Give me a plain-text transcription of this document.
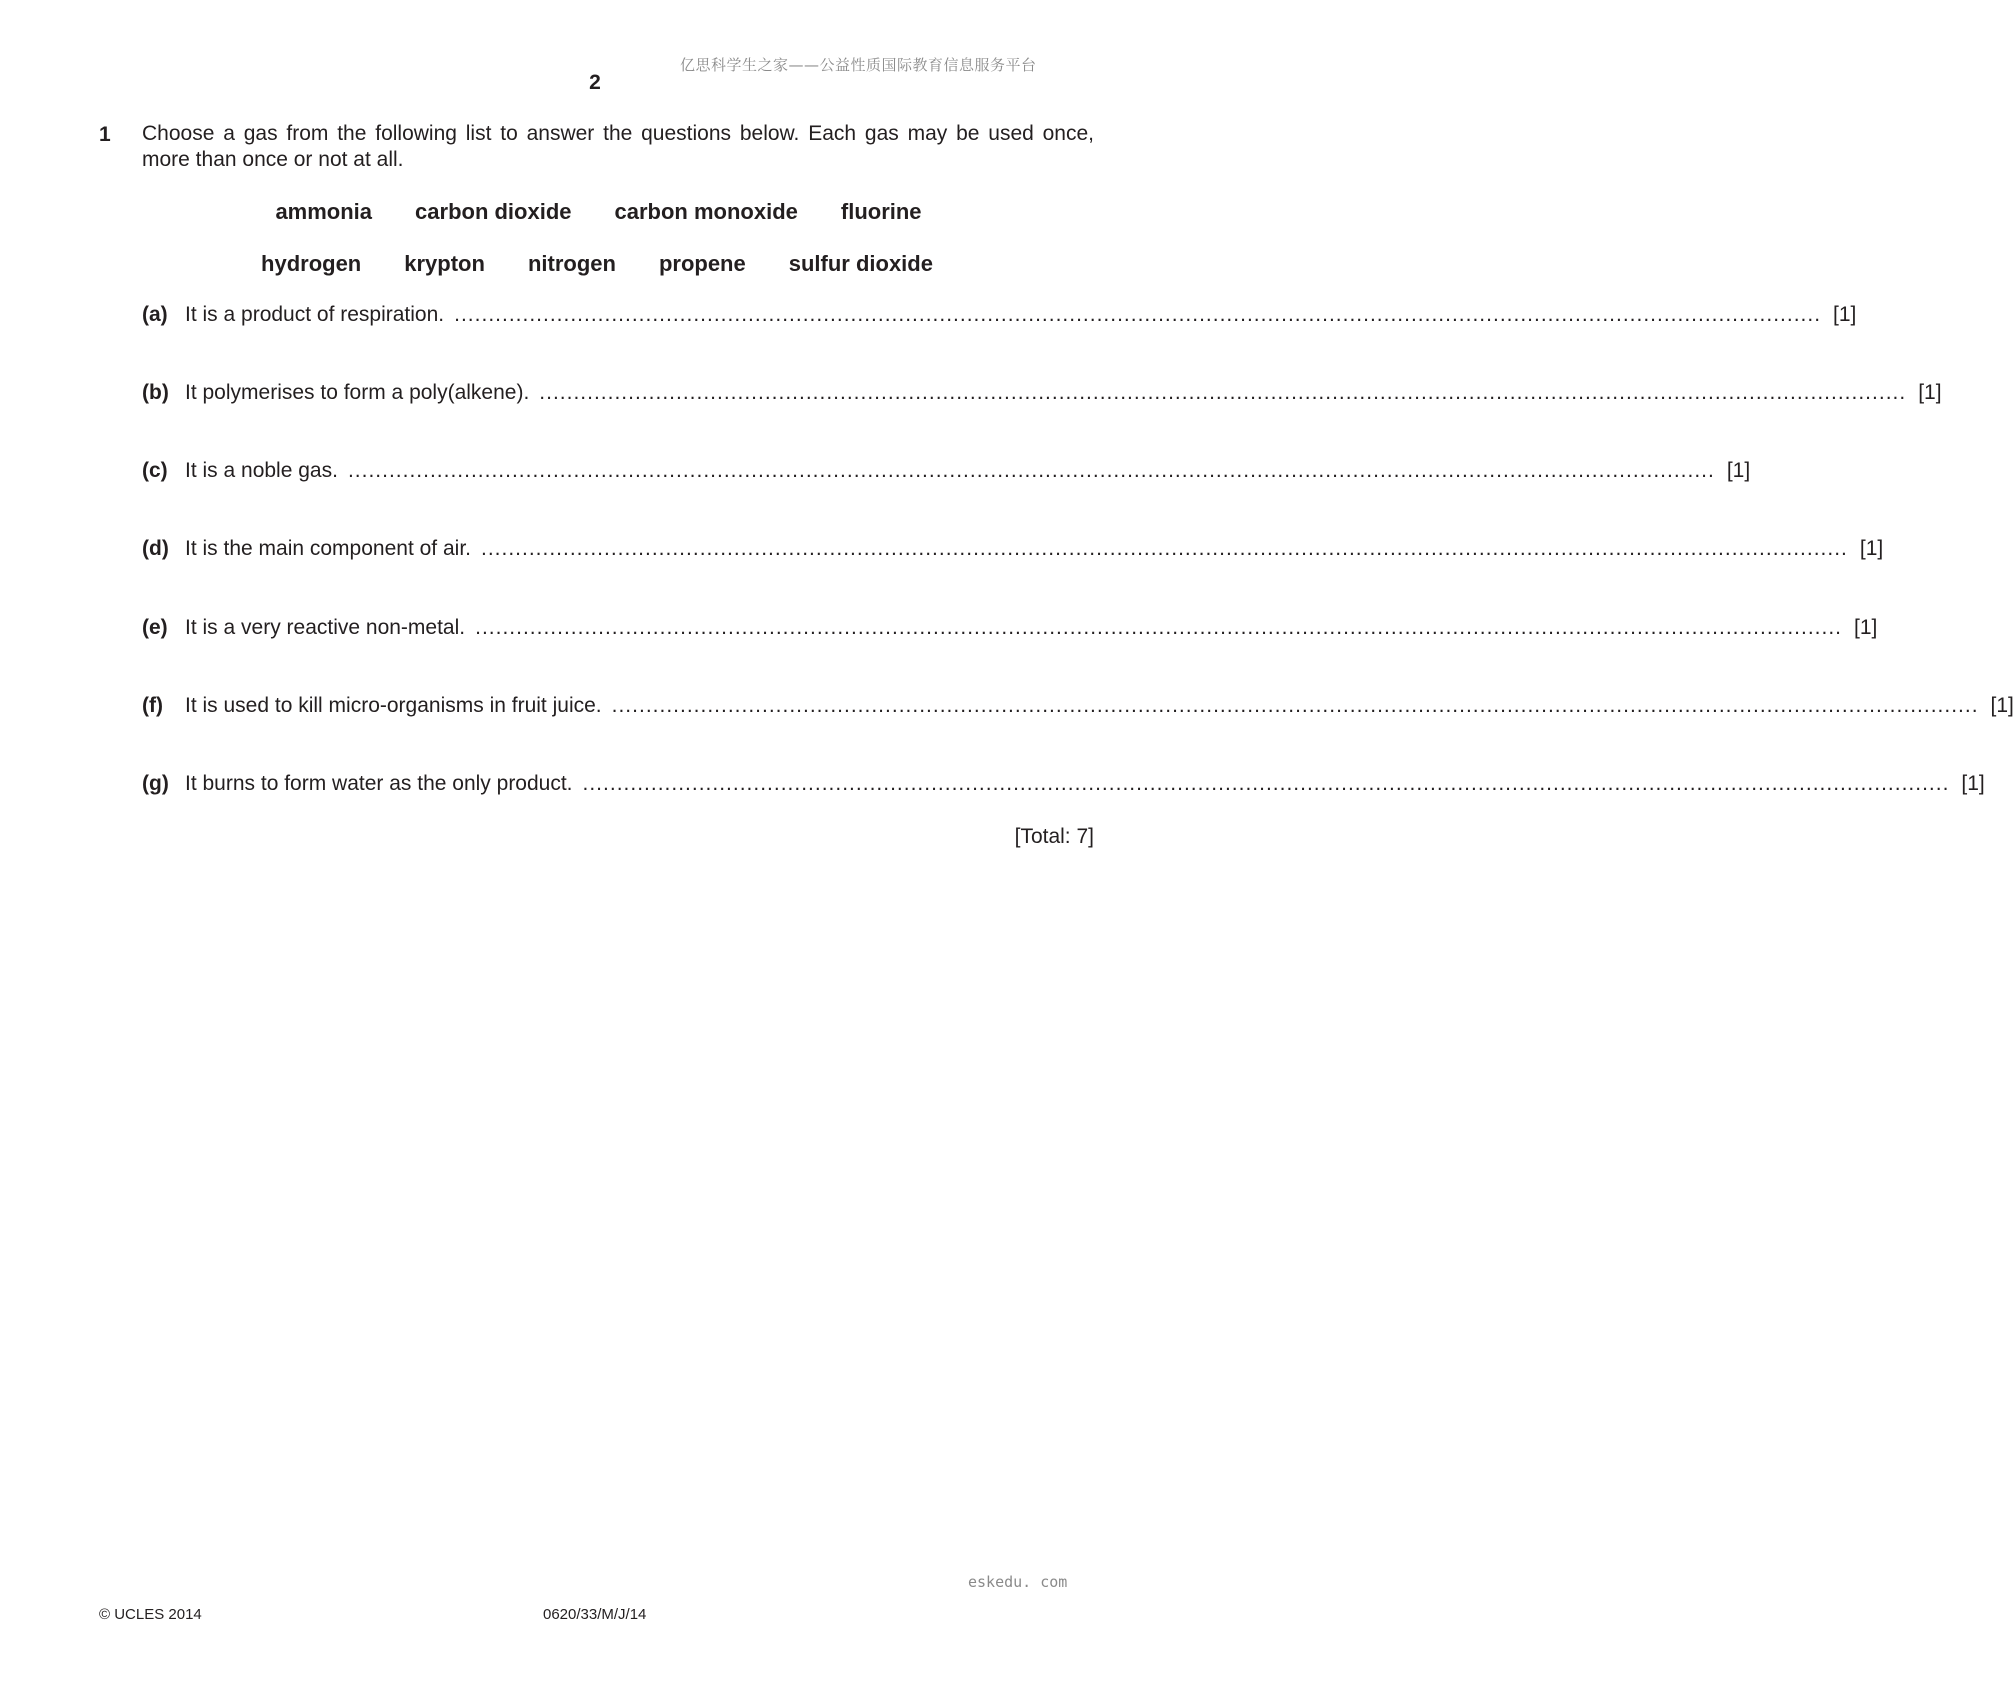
亿思科学生之家——公益性质国际教育信息服务平台
2
1 Choose a gas from the following list to answer the questions below. Each gas may be used once, more than once or not at all.
ammonia carbon dioxide carbon monoxide fluorine
hydrogen krypton nitrogen propene sulfur dioxide
(a) It is a product of respiration. ........................................................................................................................................................................................................ [1]
(b) It polymerises to form a poly(alkene). ........................................................................................................................................................................................................ [1]
(c) It is a noble gas. ........................................................................................................................................................................................................ [1]
(d) It is the main component of air. ........................................................................................................................................................................................................ [1]
(e) It is a very reactive non-metal. ........................................................................................................................................................................................................ [1]
(f)	It is used to kill micro-organisms in fruit juice. ........................................................................................................................................................................................................ [1]
(g) It burns to form water as the only product. ........................................................................................................................................................................................................ [1]
[Total: 7]
eskedu. com
© UCLES 2014	0620/33/M/J/14
